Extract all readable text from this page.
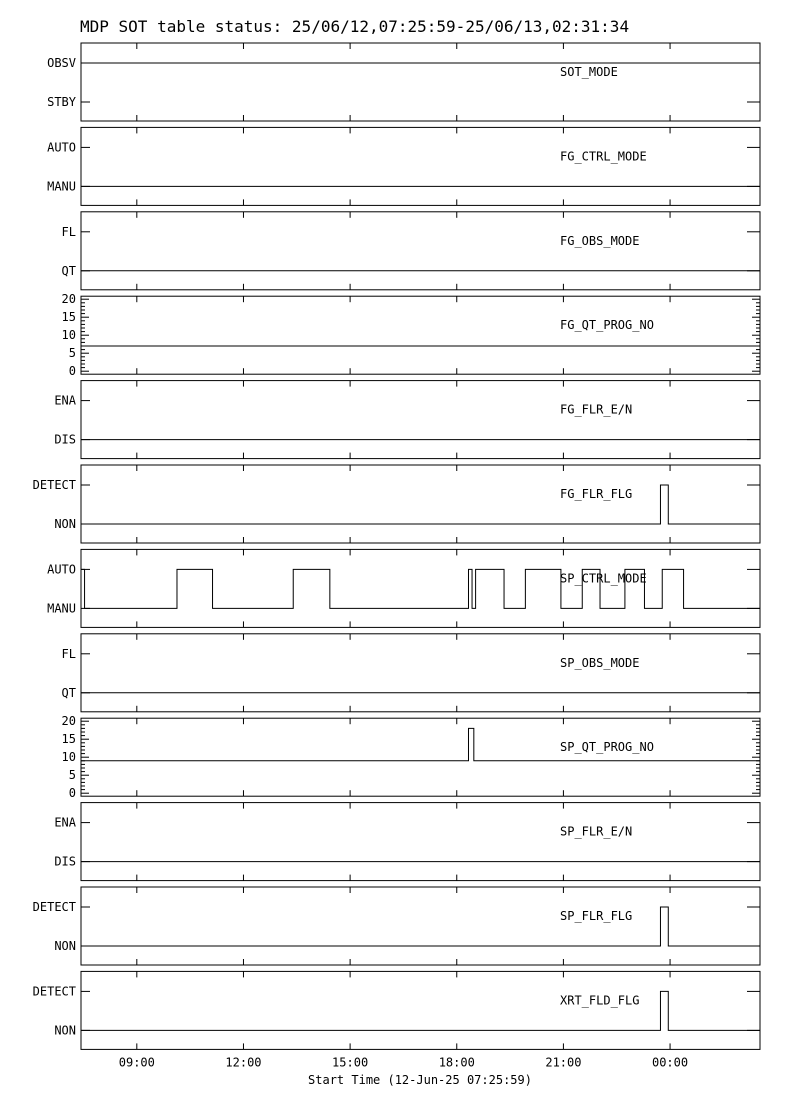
MDP SOT table status: 25/06/12,07:25:59-25/06/13,02:31:34
SOT_MODE
OBSV
STBY
FG_CTRL_MODE
AUTO
MANU
FG_OBS_MODE
FL
QT
FG_QT_PROG_NO
0
5
10
15
20
FG_FLR_E/N
ENA
DIS
FG_FLR_FLG
DETECT
NON
SP_CTRL_MODE
AUTO
MANU
SP_OBS_MODE
FL
QT
SP_QT_PROG_NO
0
5
10
15
20
SP_FLR_E/N
ENA
DIS
SP_FLR_FLG
DETECT
NON
XRT_FLD_FLG
DETECT
NON
09:00	12:00	15:00	18:00	21:00	00:00
Start Time (12-Jun-25 07:25:59)
